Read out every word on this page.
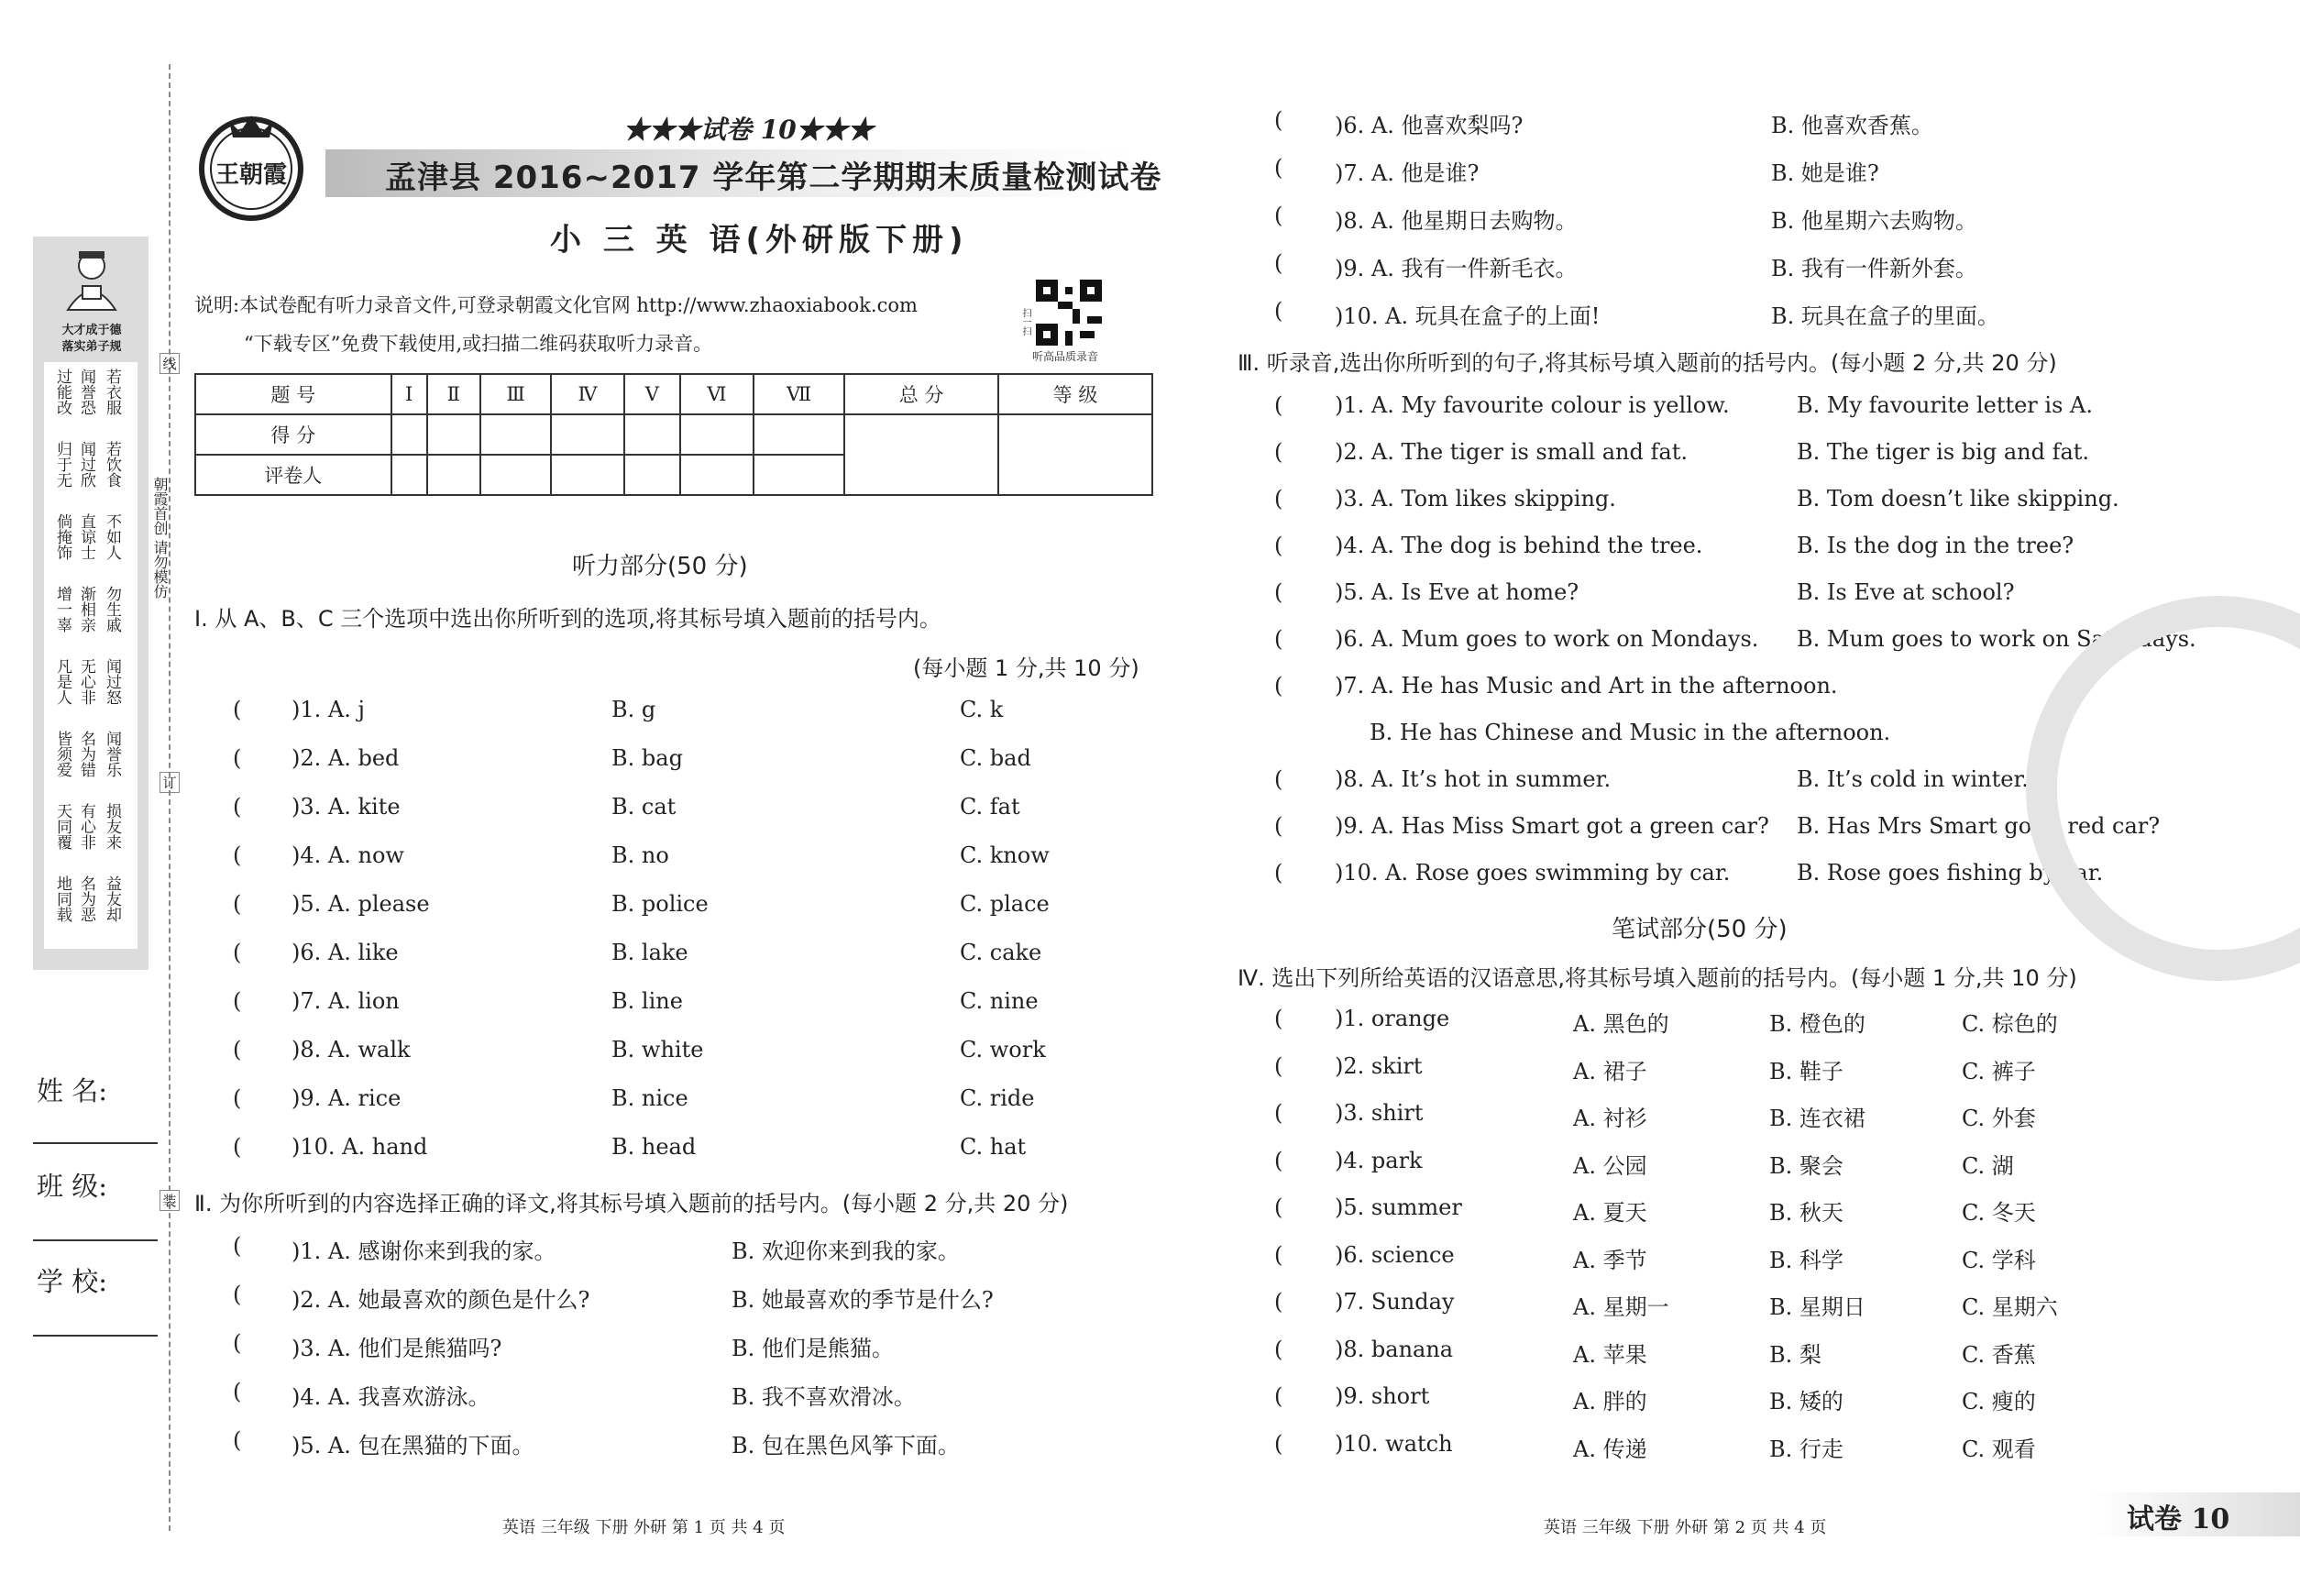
大才成于德
落实弟子规
过能改
归于无
倘掩饰
增一辜
凡是人
皆须爱
天同覆
地同载
闻誉恐
闻过欣
直谅士
渐相亲
无心非
名为错
有心非
名为恶
若衣服
若饮食
不如人
勿生戚
闻过怒
闻誉乐
损友来
益友却
线
订
装
朝霞首创 请勿模仿
姓 名:
班 级:
学 校:
王朝霞
★★★试卷 10★★★
孟津县 2016~2017 学年第二学期期末质量检测试卷
小 三 英 语(外研版下册)
说明:本试卷配有听力录音文件,可登录朝霞文化官网 http://www.zhaoxiabook.com
“下载专区”免费下载使用,或扫描二维码获取听力录音。
扫一扫
听高品质录音
题 号	Ⅰ	Ⅱ	Ⅲ	Ⅳ	Ⅴ	Ⅵ	Ⅶ	总 分	等 级
得 分									
评卷人									
听力部分(50 分)
Ⅰ. 从 A、B、C 三个选项中选出你所听到的选项,将其标号填入题前的括号内。
(每小题 1 分,共 10 分)
( )1. A. j	B. g	C. k
( )2. A. bed	B. bag	C. bad
( )3. A. kite	B. cat	C. fat
( )4. A. now	B. no	C. know
( )5. A. please	B. police	C. place
( )6. A. like	B. lake	C. cake
( )7. A. lion	B. line	C. nine
( )8. A. walk	B. white	C. work
( )9. A. rice	B. nice	C. ride
( )10. A. hand	B. head	C. hat
Ⅱ. 为你所听到的内容选择正确的译文,将其标号填入题前的括号内。(每小题 2 分,共 20 分)
( )1. A. 感谢你来到我的家。	B. 欢迎你来到我的家。
( )2. A. 她最喜欢的颜色是什么?	B. 她最喜欢的季节是什么?
( )3. A. 他们是熊猫吗?	B. 他们是熊猫。
( )4. A. 我喜欢游泳。	B. 我不喜欢滑冰。
( )5. A. 包在黑猫的下面。	B. 包在黑色风筝下面。
( )6. A. 他喜欢梨吗?	B. 他喜欢香蕉。
( )7. A. 他是谁?	B. 她是谁?
( )8. A. 他星期日去购物。	B. 他星期六去购物。
( )9. A. 我有一件新毛衣。	B. 我有一件新外套。
( )10. A. 玩具在盒子的上面!	B. 玩具在盒子的里面。
Ⅲ. 听录音,选出你所听到的句子,将其标号填入题前的括号内。(每小题 2 分,共 20 分)
( )1. A. My favourite colour is yellow.	B. My favourite letter is A.
( )2. A. The tiger is small and fat.	B. The tiger is big and fat.
( )3. A. Tom likes skipping.	B. Tom doesn’t like skipping.
( )4. A. The dog is behind the tree.	B. Is the dog in the tree?
( )5. A. Is Eve at home?	B. Is Eve at school?
( )6. A. Mum goes to work on Mondays. B. Mum goes to work on Saturdays.
( )7. A. He has Music and Art in the afternoon.
B. He has Chinese and Music in the afternoon.
( )8. A. It’s hot in summer.	B. It’s cold in winter.
( )9. A. Has Miss Smart got a green car? B. Has Mrs Smart got a red car?
( )10. A. Rose goes swimming by car.	B. Rose goes fishing by car.
笔试部分(50 分)
Ⅳ. 选出下列所给英语的汉语意思,将其标号填入题前的括号内。(每小题 1 分,共 10 分)
( )1. orange	A. 黑色的	B. 橙色的	C. 棕色的
( )2. skirt	A. 裙子	B. 鞋子	C. 裤子
( )3. shirt	A. 衬衫	B. 连衣裙	C. 外套
( )4. park	A. 公园	B. 聚会	C. 湖
( )5. summer	A. 夏天	B. 秋天	C. 冬天
( )6. science	A. 季节	B. 科学	C. 学科
( )7. Sunday	A. 星期一	B. 星期日	C. 星期六
( )8. banana	A. 苹果	B. 梨	C. 香蕉
( )9. short	A. 胖的	B. 矮的	C. 瘦的
( )10. watch	A. 传递	B. 行走	C. 观看
英语 三年级 下册 外研 第 1 页 共 4 页	英语 三年级 下册 外研 第 2 页 共 4 页	试卷 10
